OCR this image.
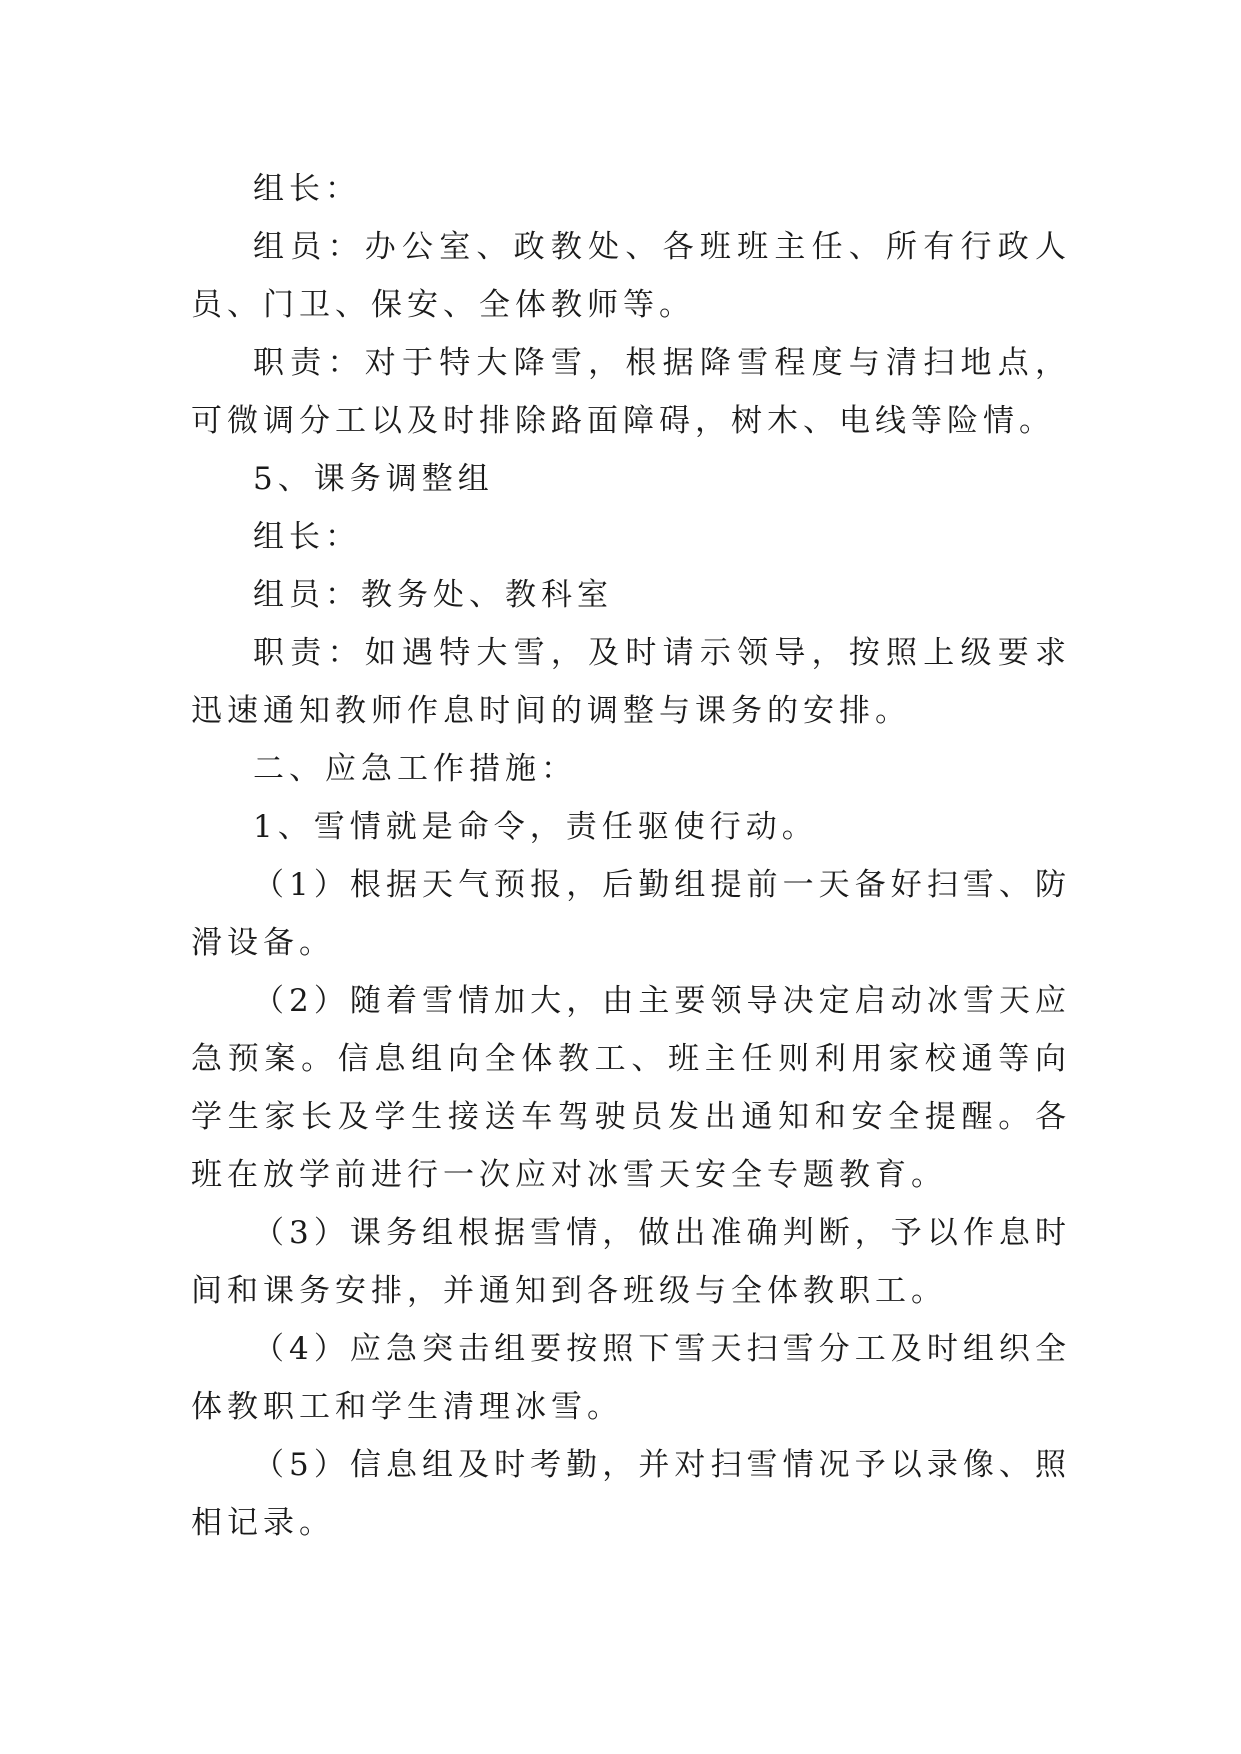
组长：

组员：办公室、政教处、各班班主任、所有行政人员、门卫、保安、全体教师等。

职责：对于特大降雪，根据降雪程度与清扫地点，可微调分工以及时排除路面障碍，树木、电线等险情。

5、课务调整组

组长：

组员：教务处、教科室

职责：如遇特大雪，及时请示领导，按照上级要求迅速通知教师作息时间的调整与课务的安排。

二、应急工作措施：

1、雪情就是命令，责任驱使行动。

（1）根据天气预报，后勤组提前一天备好扫雪、防滑设备。

（2）随着雪情加大，由主要领导决定启动冰雪天应急预案。信息组向全体教工、班主任则利用家校通等向学生家长及学生接送车驾驶员发出通知和安全提醒。各班在放学前进行一次应对冰雪天安全专题教育。

（3）课务组根据雪情，做出准确判断，予以作息时间和课务安排，并通知到各班级与全体教职工。

（4）应急突击组要按照下雪天扫雪分工及时组织全体教职工和学生清理冰雪。

（5）信息组及时考勤，并对扫雪情况予以录像、照相记录。
